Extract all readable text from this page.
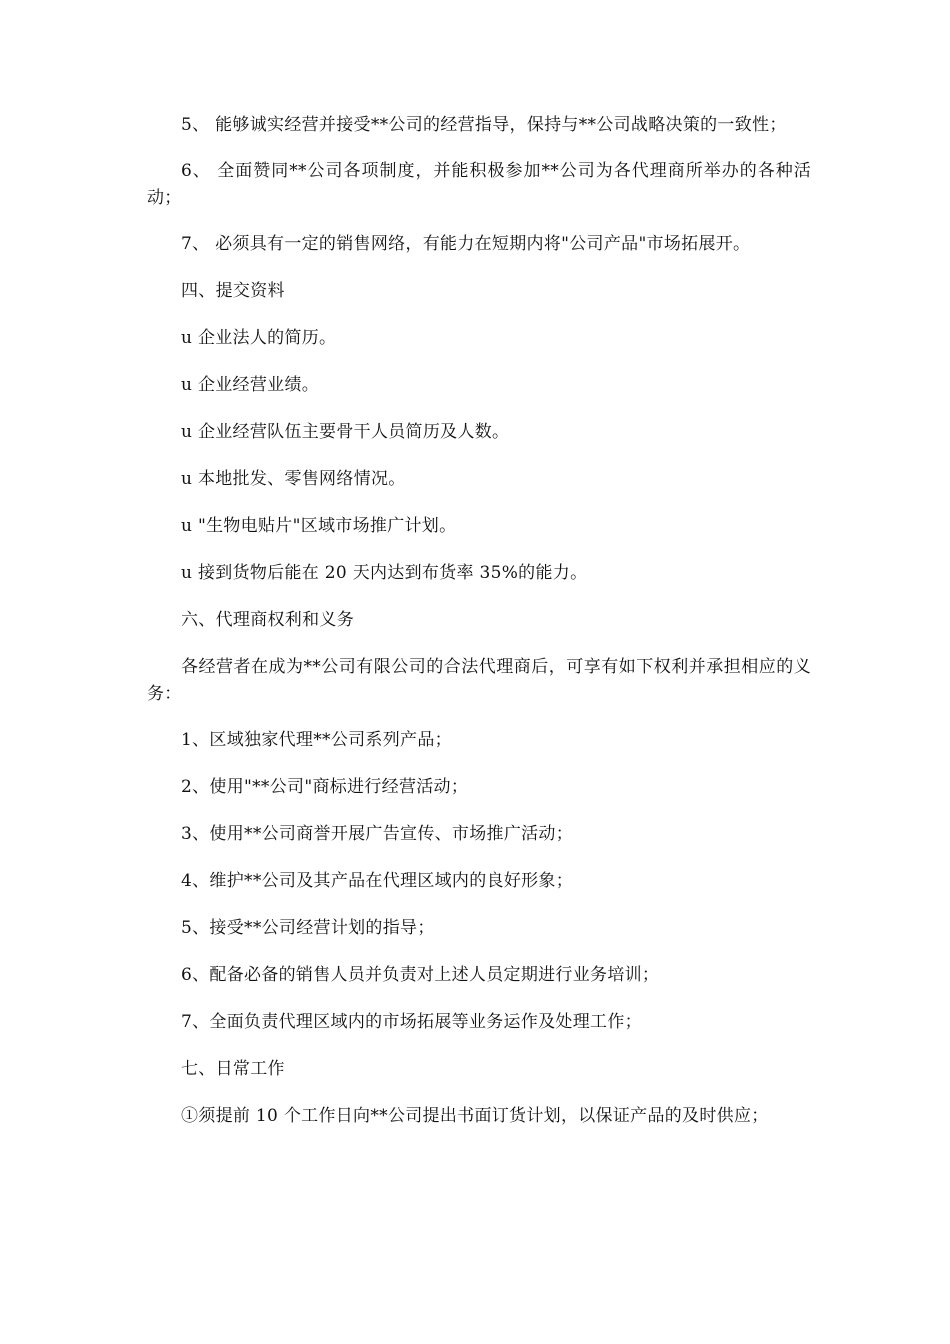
5、 能够诚实经营并接受**公司的经营指导，保持与**公司战略决策的一致性；

6、 全面赞同**公司各项制度，并能积极参加**公司为各代理商所举办的各种活动；

7、 必须具有一定的销售网络，有能力在短期内将"公司产品"市场拓展开。

四、提交资料

u 企业法人的简历。

u 企业经营业绩。

u 企业经营队伍主要骨干人员简历及人数。

u 本地批发、零售网络情况。

u "生物电贴片"区域市场推广计划。

u 接到货物后能在 20 天内达到布货率 35%的能力。

六、代理商权利和义务

各经营者在成为**公司有限公司的合法代理商后，可享有如下权利并承担相应的义务：

1、区域独家代理**公司系列产品；

2、使用"**公司"商标进行经营活动；

3、使用**公司商誉开展广告宣传、市场推广活动；

4、维护**公司及其产品在代理区域内的良好形象；

5、接受**公司经营计划的指导；

6、配备必备的销售人员并负责对上述人员定期进行业务培训；

7、全面负责代理区域内的市场拓展等业务运作及处理工作；

七、日常工作

①须提前 10 个工作日向**公司提出书面订货计划，以保证产品的及时供应；
